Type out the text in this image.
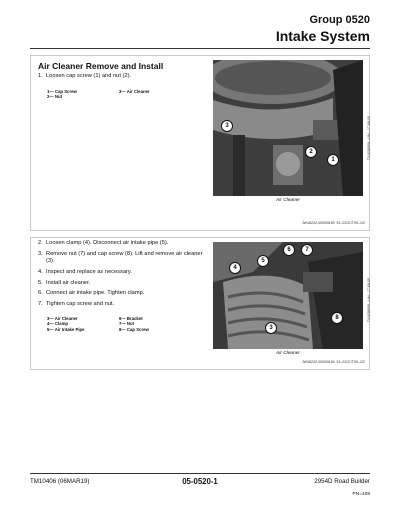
Group 0520
Intake System
Air Cleaner Remove and Install
1. Loosen cap screw (1) and nut (2).
1— Cap Screw	3— Air Cleaner
2— Nut
3
2
1	TX1058998—UN—17JUL09
Air Cleaner
JW4620Z,0000081B ’19–22OCT09–1/2
2. Loosen clamp (4). Disconnect air intake pipe (5).
3. Remove nut (7) and cap screw (8). Lift and remove air cleaner (3).
4. Inspect and replace as necessary.
5. Install air cleaner.
6. Connect air intake pipe. Tighten clamp.
7. Tighten cap screw and nut.
3— Air Cleaner	6— Bracket
4— Clamp	7— Nut
5— Air Intake Pipe	8— Cap Screw
6	7
5
4
3
8	TX1058999—UN—17JUL09
Air Cleaner
JW4620Z,0000081B ’19–22OCT09–2/2
TM10406 (06MAR19)	05-0520-1	2954D Road Builder
PN=108
